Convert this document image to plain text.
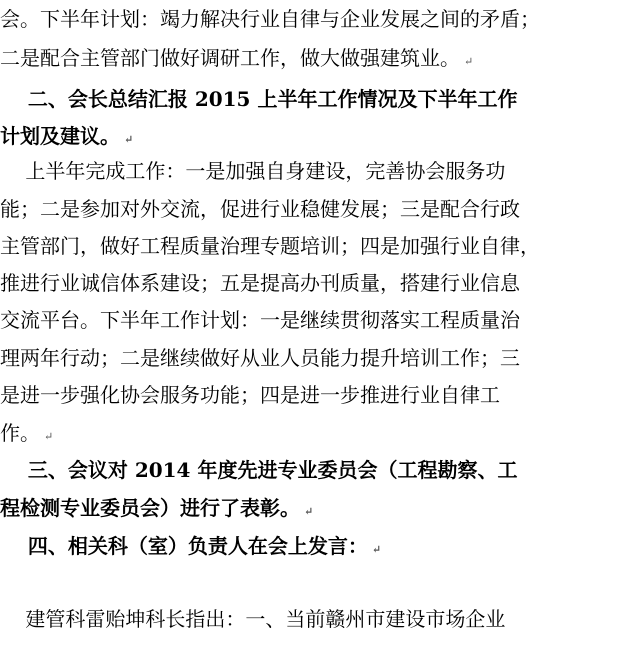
会。下半年计划：竭力解决行业自律与企业发展之间的矛盾；
二是配合主管部门做好调研工作，做大做强建筑业。 ↵
二、会长总结汇报 2015 上半年工作情况及下半年工作
计划及建议。 ↵
上半年完成工作：一是加强自身建设，完善协会服务功
能；二是参加对外交流，促进行业稳健发展；三是配合行政
主管部门，做好工程质量治理专题培训；四是加强行业自律，
推进行业诚信体系建设；五是提高办刊质量，搭建行业信息
交流平台。下半年工作计划：一是继续贯彻落实工程质量治
理两年行动；二是继续做好从业人员能力提升培训工作；三
是进一步强化协会服务功能；四是进一步推进行业自律工
作。 ↵
三、会议对 2014 年度先进专业委员会（工程勘察、工
程检测专业委员会）进行了表彰。 ↵
四、相关科（室）负责人在会上发言： ↵
建管科雷贻坤科长指出：一、当前赣州市建设市场企业
